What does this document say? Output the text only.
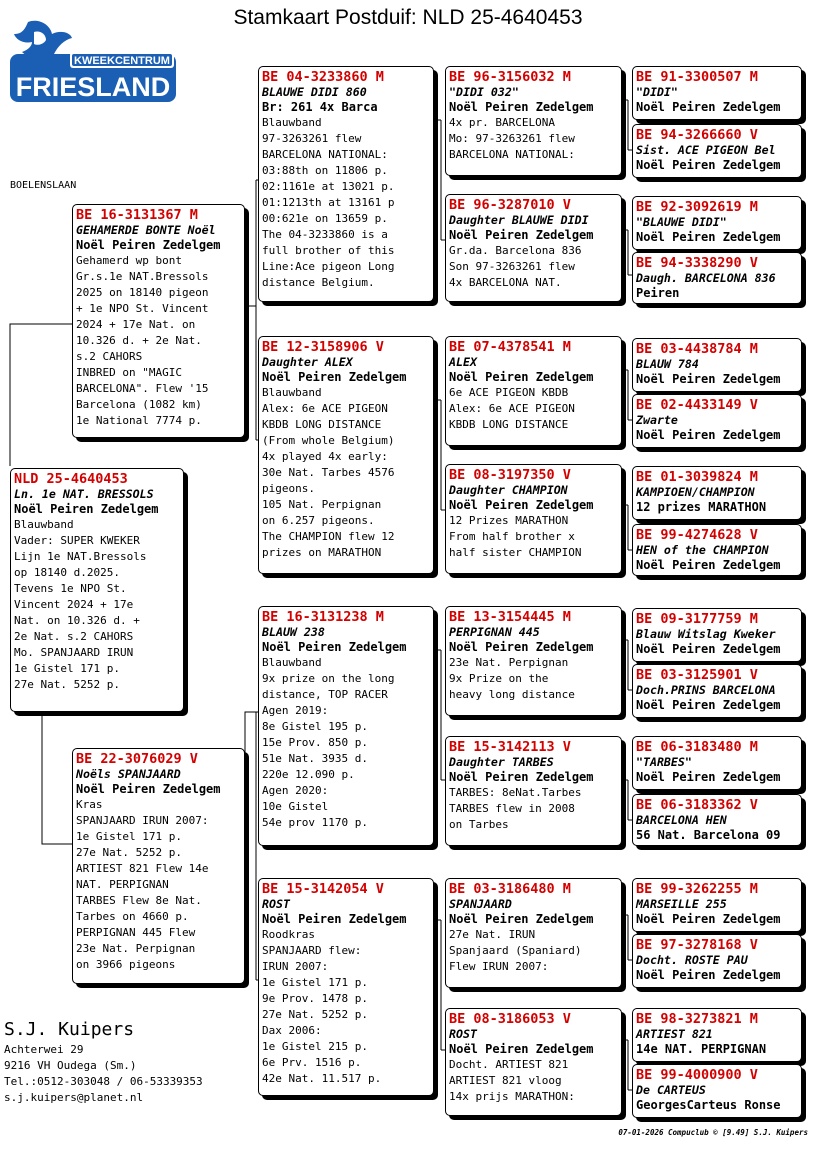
Stamkaart Postduif: NLD 25-4640453
KWEEKCENTRUM
FRIESLAND
BOELENSLAAN
NLD 25-4640453
Ln. 1e NAT. BRESSOLS
Noël Peiren Zedelgem
Blauwband
Vader: SUPER KWEKER
Lijn 1e NAT.Bressols
op 18140 d.2025.
Tevens 1e NPO St.
Vincent 2024 + 17e
Nat. on 10.326 d. +
2e Nat. s.2 CAHORS
Mo. SPANJAARD IRUN
1e Gistel 171 p.
27e Nat. 5252 p.
BE 16-3131367 M
GEHAMERDE BONTE Noël
Noël Peiren Zedelgem
Gehamerd wp bont
Gr.s.1e NAT.Bressols
2025 on 18140 pigeon
+ 1e NPO St. Vincent
2024 + 17e Nat. on
10.326 d. + 2e Nat.
s.2 CAHORS
INBRED on "MAGIC
BARCELONA". Flew '15
Barcelona (1082 km)
1e National 7774 p.
BE 22-3076029 V
Noëls SPANJAARD
Noël Peiren Zedelgem
Kras
SPANJAARD IRUN 2007:
1e Gistel 171 p.
27e Nat. 5252 p.
ARTIEST 821 Flew 14e
NAT. PERPIGNAN
TARBES Flew 8e Nat.
Tarbes on 4660 p.
PERPIGNAN 445 Flew
23e Nat. Perpignan
on 3966 pigeons
BE 04-3233860 M
BLAUWE DIDI 860
Br: 261 4x Barca
Blauwband
97-3263261 flew
BARCELONA NATIONAL:
03:88th on 11806 p.
02:1161e at 13021 p.
01:1213th at 13161 p
00:621e on 13659 p.
The 04-3233860 is a
full brother of this
Line:Ace pigeon Long
distance Belgium.
BE 12-3158906 V
Daughter ALEX
Noël Peiren Zedelgem
Blauwband
Alex: 6e ACE PIGEON
KBDB LONG DISTANCE
(From whole Belgium)
4x played 4x early:
30e Nat. Tarbes 4576
pigeons.
105 Nat. Perpignan
on 6.257 pigeons.
The CHAMPION flew 12
prizes on MARATHON
BE 16-3131238 M
BLAUW 238
Noël Peiren Zedelgem
Blauwband
9x prize on the long
distance, TOP RACER
Agen 2019:
8e Gistel 195 p.
15e Prov. 850 p.
51e Nat. 3935 d.
220e 12.090 p.
Agen 2020:
10e Gistel
54e prov 1170 p.
BE 15-3142054 V
ROST
Noël Peiren Zedelgem
Roodkras
SPANJAARD flew:
IRUN 2007:
1e Gistel 171 p.
9e Prov. 1478 p.
27e Nat. 5252 p.
Dax 2006:
1e Gistel 215 p.
6e Prv. 1516 p.
42e Nat. 11.517 p.
BE 96-3156032 M
"DIDI 032"
Noël Peiren Zedelgem
4x pr. BARCELONA
Mo: 97-3263261 flew
BARCELONA NATIONAL:
BE 96-3287010 V
Daughter BLAUWE DIDI
Noël Peiren Zedelgem
Gr.da. Barcelona 836
Son 97-3263261 flew
4x BARCELONA NAT.
BE 07-4378541 M
ALEX
Noël Peiren Zedelgem
6e ACE PIGEON KBDB
Alex: 6e ACE PIGEON
KBDB LONG DISTANCE
BE 08-3197350 V
Daughter CHAMPION
Noël Peiren Zedelgem
12 Prizes MARATHON
From half brother x
half sister CHAMPION
BE 13-3154445 M
PERPIGNAN 445
Noël Peiren Zedelgem
23e Nat. Perpignan
9x Prize on the
heavy long distance
BE 15-3142113 V
Daughter TARBES
Noël Peiren Zedelgem
TARBES: 8eNat.Tarbes
TARBES flew in 2008
on Tarbes
BE 03-3186480 M
SPANJAARD
Noël Peiren Zedelgem
27e Nat. IRUN
Spanjaard (Spaniard)
Flew IRUN 2007:
BE 08-3186053 V
ROST
Noël Peiren Zedelgem
Docht. ARTIEST 821
ARTIEST 821 vloog
14x prijs MARATHON:
BE 91-3300507 M
"DIDI"
Noël Peiren Zedelgem
BE 94-3266660 V
Sist. ACE PIGEON Bel
Noël Peiren Zedelgem
BE 92-3092619 M
"BLAUWE DIDI"
Noël Peiren Zedelgem
BE 94-3338290 V
Daugh. BARCELONA 836
Peiren
BE 03-4438784 M
BLAUW 784
Noël Peiren Zedelgem
BE 02-4433149 V
Zwarte
Noël Peiren Zedelgem
BE 01-3039824 M
KAMPIOEN/CHAMPION
12 prizes MARATHON
BE 99-4274628 V
HEN of the CHAMPION
Noël Peiren Zedelgem
BE 09-3177759 M
Blauw Witslag Kweker
Noël Peiren Zedelgem
BE 03-3125901 V
Doch.PRINS BARCELONA
Noël Peiren Zedelgem
BE 06-3183480 M
"TARBES"
Noël Peiren Zedelgem
BE 06-3183362 V
BARCELONA HEN
56 Nat. Barcelona 09
BE 99-3262255 M
MARSEILLE 255
Noël Peiren Zedelgem
BE 97-3278168 V
Docht. ROSTE PAU
Noël Peiren Zedelgem
BE 98-3273821 M
ARTIEST 821
14e NAT. PERPIGNAN
BE 99-4000900 V
De CARTEUS
GeorgesCarteus Ronse
S.J. Kuipers
Achterwei 29
9216 VH Oudega (Sm.)
Tel.:0512-303048 / 06-53339353
s.j.kuipers@planet.nl
07-01-2026 Compuclub © [9.49] S.J. Kuipers
